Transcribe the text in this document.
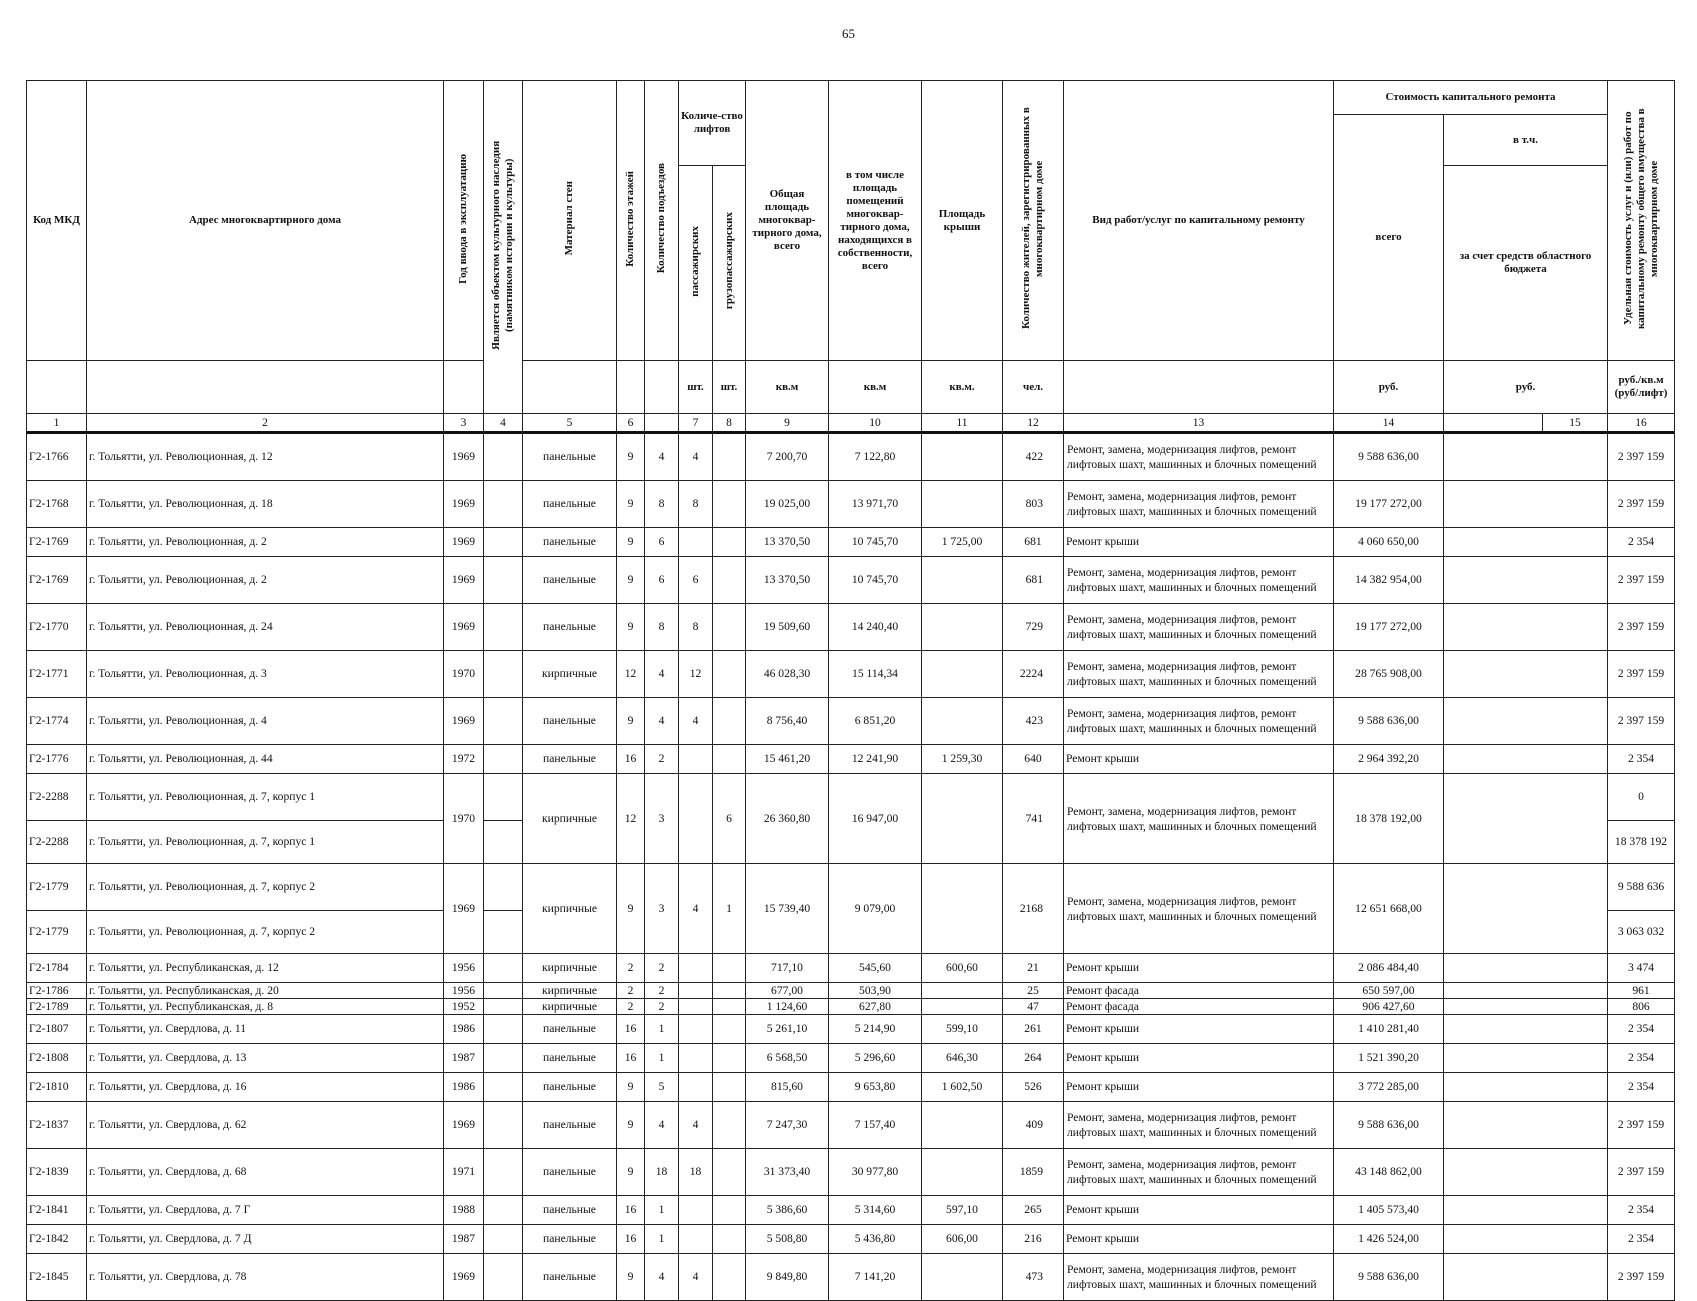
65
Код МКД	Адрес многоквартирного дома	Год ввода в эксплуатацию	Является объектом культурного наследия (памятником истории и культуры)	Материал стен	Количество этажей	Количество подъездов	Количе-ство лифтов		Общая площадь многоквар-тирного дома, всего	в том числе площадь помещений многоквар-тирного дома, находящихся в собственности, всего	Площадь крыши	Количество жителей, зарегистрированных в многоквартирном доме	Вид работ/услуг по капитальному ремонту	Стоимость капитального ремонта			Удельная стоимость услуг и (или) работ по капитальному ремонту общего имущества в многоквартирном доме	
														всего	в т.ч.			
							пассажирских	грузопассажирских							за счет средств областного бюджета			
							шт.	шт.	кв.м	кв.м	кв.м.	чел.		руб.	руб.		руб./кв.м (руб/лифт)	
1	2	3	4	5	6		7	8	9	10	11	12	13	14		15	16	
Г2-1766	г. Тольятти, ул. Революционная, д. 12	1969		панельные	9	4	4		7 200,70	7 122,80		422	Ремонт, замена, модернизация лифтов, ремонт лифтовых шахт, машинных и блочных помещений	9 588 636,00			2 397 159	
Г2-1768	г. Тольятти, ул. Революционная, д. 18	1969		панельные	9	8	8		19 025,00	13 971,70		803	Ремонт, замена, модернизация лифтов, ремонт лифтовых шахт, машинных и блочных помещений	19 177 272,00			2 397 159	
Г2-1769	г. Тольятти, ул. Революционная, д. 2	1969		панельные	9	6			13 370,50	10 745,70	1 725,00	681	Ремонт крыши	4 060 650,00			2 354	
Г2-1769	г. Тольятти, ул. Революционная, д. 2	1969		панельные	9	6	6		13 370,50	10 745,70		681	Ремонт, замена, модернизация лифтов, ремонт лифтовых шахт, машинных и блочных помещений	14 382 954,00			2 397 159	
Г2-1770	г. Тольятти, ул. Революционная, д. 24	1969		панельные	9	8	8		19 509,60	14 240,40		729	Ремонт, замена, модернизация лифтов, ремонт лифтовых шахт, машинных и блочных помещений	19 177 272,00			2 397 159	
Г2-1771	г. Тольятти, ул. Революционная, д. 3	1970		кирпичные	12	4	12		46 028,30	15 114,34		2224	Ремонт, замена, модернизация лифтов, ремонт лифтовых шахт, машинных и блочных помещений	28 765 908,00			2 397 159	
Г2-1774	г. Тольятти, ул. Революционная, д. 4	1969		панельные	9	4	4		8 756,40	6 851,20		423	Ремонт, замена, модернизация лифтов, ремонт лифтовых шахт, машинных и блочных помещений	9 588 636,00			2 397 159	
Г2-1776	г. Тольятти, ул. Революционная, д. 44	1972		панельные	16	2			15 461,20	12 241,90	1 259,30	640	Ремонт крыши	2 964 392,20			2 354	
Г2-2288	г. Тольятти, ул. Революционная, д. 7, корпус 1	1970		кирпичные	12	3		6	26 360,80	16 947,00		741	Ремонт, замена, модернизация лифтов, ремонт лифтовых шахт, машинных и блочных помещений	18 378 192,00			0	
Г2-2288	г. Тольятти, ул. Революционная, д. 7, корпус 1																18 378 192	
Г2-1779	г. Тольятти, ул. Революционная, д. 7, корпус 2	1969		кирпичные	9	3	4	1	15 739,40	9 079,00		2168	Ремонт, замена, модернизация лифтов, ремонт лифтовых шахт, машинных и блочных помещений	12 651 668,00			9 588 636	
Г2-1779	г. Тольятти, ул. Революционная, д. 7, корпус 2																3 063 032	
Г2-1784	г. Тольятти, ул. Республиканская, д. 12	1956		кирпичные	2	2			717,10	545,60	600,60	21	Ремонт крыши	2 086 484,40			3 474	
Г2-1786	г. Тольятти, ул. Республиканская, д. 20	1956		кирпичные	2	2			677,00	503,90		25	Ремонт фасада	650 597,00			961	
Г2-1789	г. Тольятти, ул. Республиканская, д. 8	1952		кирпичные	2	2			1 124,60	627,80		47	Ремонт фасада	906 427,60			806	
Г2-1807	г. Тольятти, ул. Свердлова, д. 11	1986		панельные	16	1			5 261,10	5 214,90	599,10	261	Ремонт крыши	1 410 281,40			2 354	
Г2-1808	г. Тольятти, ул. Свердлова, д. 13	1987		панельные	16	1			6 568,50	5 296,60	646,30	264	Ремонт крыши	1 521 390,20			2 354	
Г2-1810	г. Тольятти, ул. Свердлова, д. 16	1986		панельные	9	5			815,60	9 653,80	1 602,50	526	Ремонт крыши	3 772 285,00			2 354	
Г2-1837	г. Тольятти, ул. Свердлова, д. 62	1969		панельные	9	4	4		7 247,30	7 157,40		409	Ремонт, замена, модернизация лифтов, ремонт лифтовых шахт, машинных и блочных помещений	9 588 636,00			2 397 159	
Г2-1839	г. Тольятти, ул. Свердлова, д. 68	1971		панельные	9	18	18		31 373,40	30 977,80		1859	Ремонт, замена, модернизация лифтов, ремонт лифтовых шахт, машинных и блочных помещений	43 148 862,00			2 397 159	
Г2-1841	г. Тольятти, ул. Свердлова, д. 7 Г	1988		панельные	16	1			5 386,60	5 314,60	597,10	265	Ремонт крыши	1 405 573,40			2 354	
Г2-1842	г. Тольятти, ул. Свердлова, д. 7 Д	1987		панельные	16	1			5 508,80	5 436,80	606,00	216	Ремонт крыши	1 426 524,00			2 354	
Г2-1845	г. Тольятти, ул. Свердлова, д. 78	1969		панельные	9	4	4		9 849,80	7 141,20		473	Ремонт, замена, модернизация лифтов, ремонт лифтовых шахт, машинных и блочных помещений	9 588 636,00			2 397 159	
